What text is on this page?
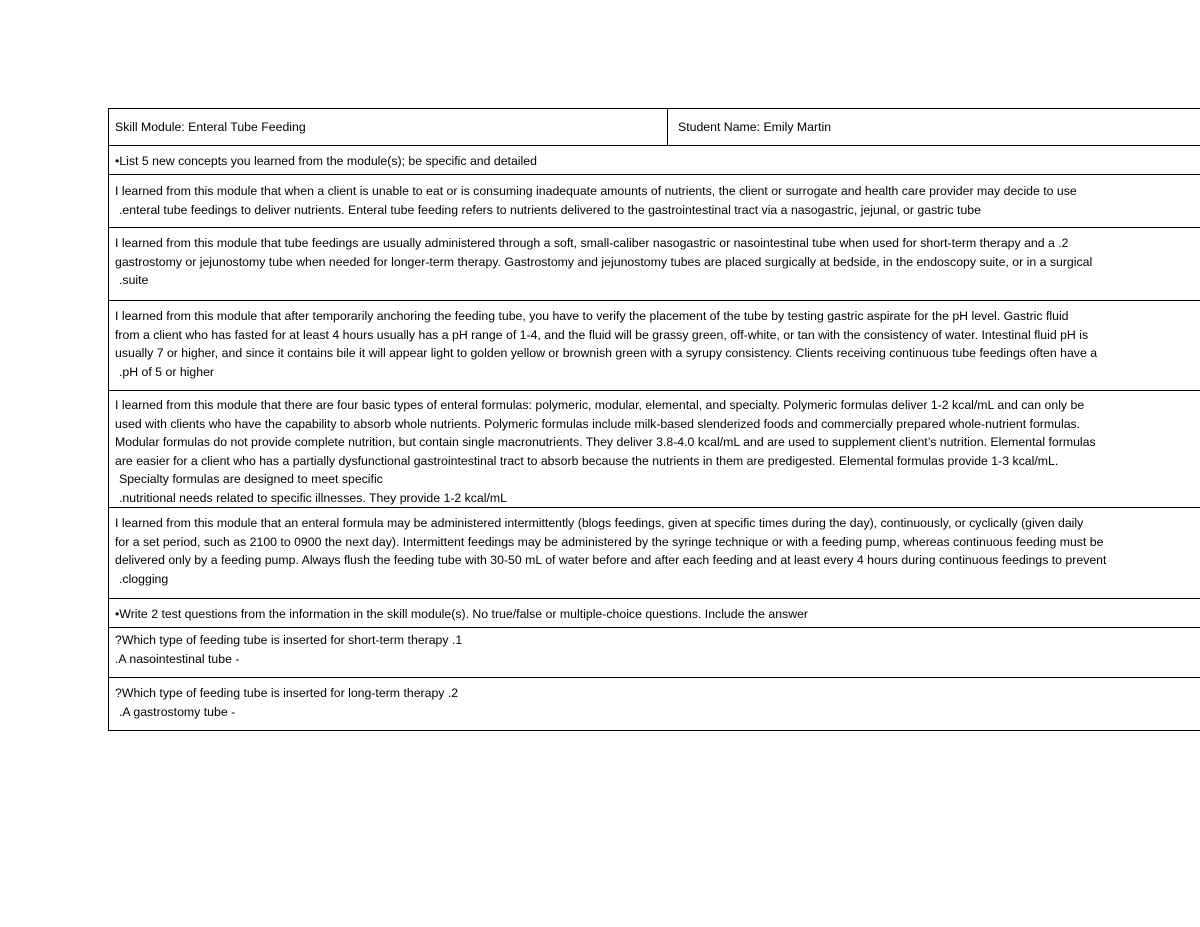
Skill Module: Enteral Tube Feeding	Student Name: Emily Martin
•List 5 new concepts you learned from the module(s); be specific and detailed
I learned from this module that when a client is unable to eat or is consuming inadequate amounts of nutrients, the client or surrogate and health care provider may decide to use
.enteral tube feedings to deliver nutrients. Enteral tube feeding refers to nutrients delivered to the gastrointestinal tract via a nasogastric, jejunal, or gastric tube
I learned from this module that tube feedings are usually administered through a soft, small-caliber nasogastric or nasointestinal tube when used for short-term therapy and a .2
gastrostomy or jejunostomy tube when needed for longer-term therapy. Gastrostomy and jejunostomy tubes are placed surgically at bedside, in the endoscopy suite, or in a surgical
.suite
I learned from this module that after temporarily anchoring the feeding tube, you have to verify the placement of the tube by testing gastric aspirate for the pH level. Gastric fluid
from a client who has fasted for at least 4 hours usually has a pH range of 1-4, and the fluid will be grassy green, off-white, or tan with the consistency of water. Intestinal fluid pH is
usually 7 or higher, and since it contains bile it will appear light to golden yellow or brownish green with a syrupy consistency. Clients receiving continuous tube feedings often have a
.pH of 5 or higher
I learned from this module that there are four basic types of enteral formulas: polymeric, modular, elemental, and specialty. Polymeric formulas deliver 1-2 kcal/mL and can only be
used with clients who have the capability to absorb whole nutrients. Polymeric formulas include milk-based slenderized foods and commercially prepared whole-nutrient formulas.
Modular formulas do not provide complete nutrition, but contain single macronutrients. They deliver 3.8-4.0 kcal/mL and are used to supplement client’s nutrition. Elemental formulas
are easier for a client who has a partially dysfunctional gastrointestinal tract to absorb because the nutrients in them are predigested. Elemental formulas provide 1-3 kcal/mL.
Specialty formulas are designed to meet specific
.nutritional needs related to specific illnesses. They provide 1-2 kcal/mL
I learned from this module that an enteral formula may be administered intermittently (blogs feedings, given at specific times during the day), continuously, or cyclically (given daily
for a set period, such as 2100 to 0900 the next day). Intermittent feedings may be administered by the syringe technique or with a feeding pump, whereas continuous feeding must be
delivered only by a feeding pump. Always flush the feeding tube with 30-50 mL of water before and after each feeding and at least every 4 hours during continuous feedings to prevent
.clogging
•Write 2 test questions from the information in the skill module(s). No true/false or multiple-choice questions. Include the answer
?Which type of feeding tube is inserted for short-term therapy .1
.A nasointestinal tube -
?Which type of feeding tube is inserted for long-term therapy .2
.A gastrostomy tube -
